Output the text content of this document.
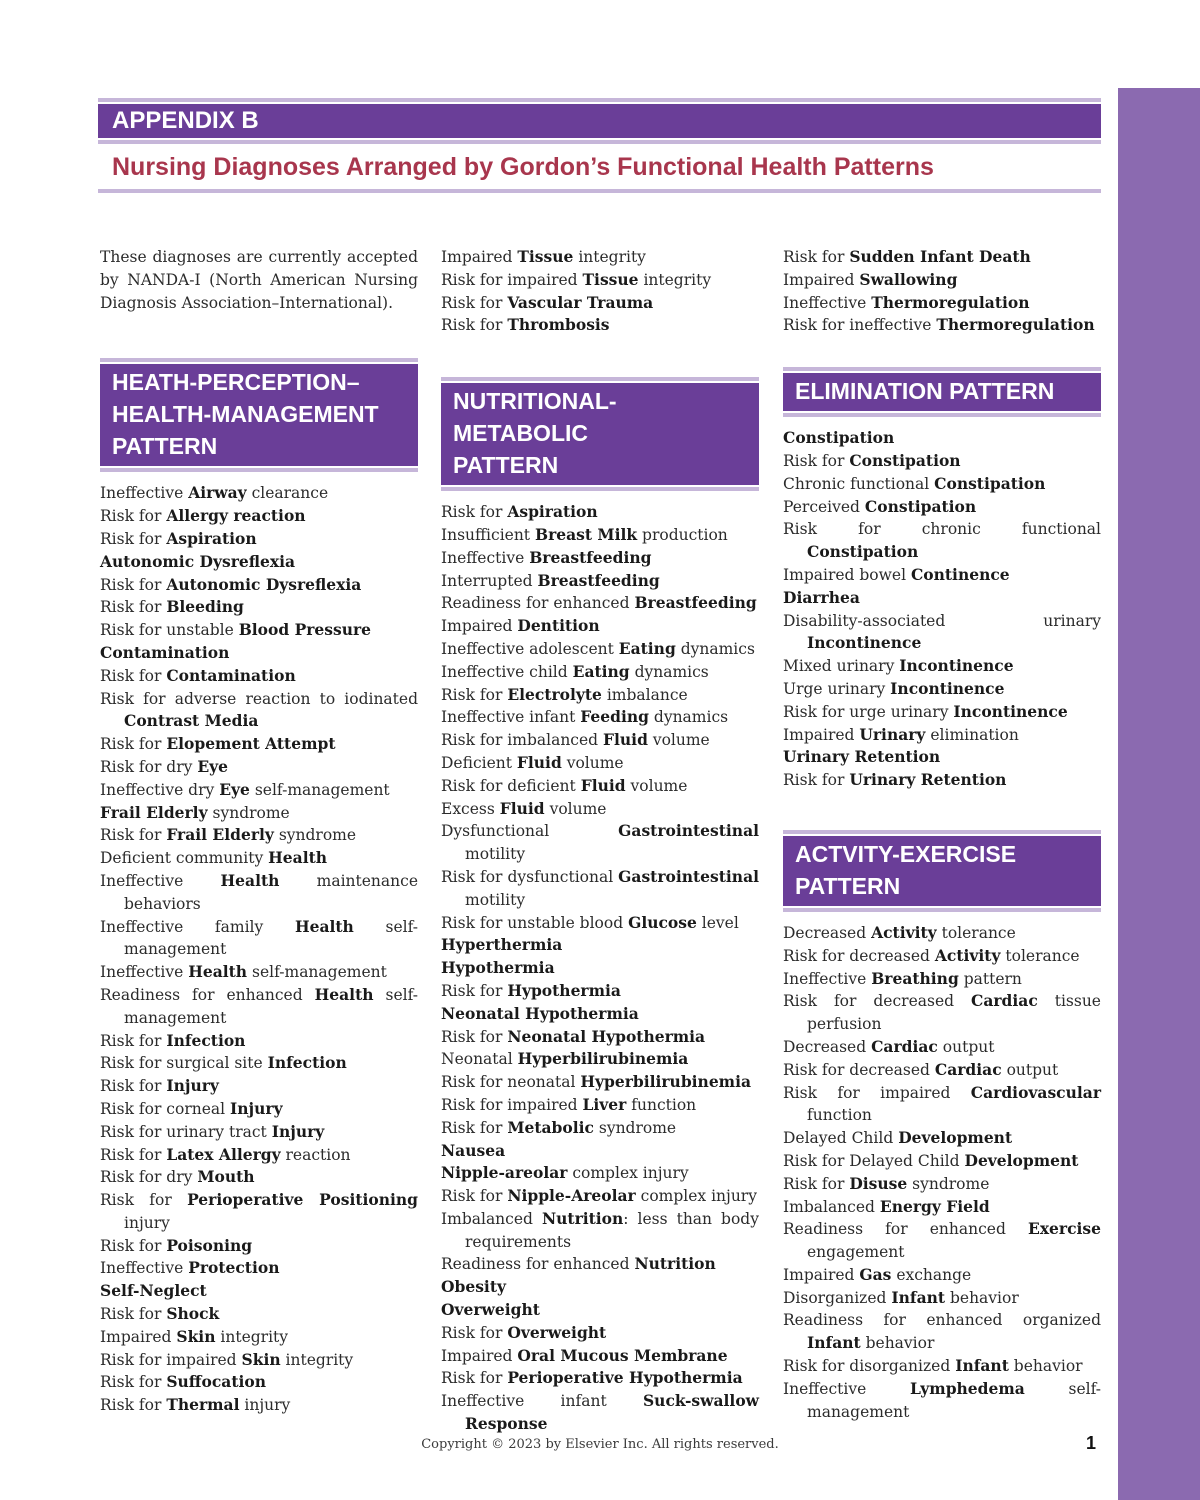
APPENDIX B
Nursing Diagnoses Arranged by Gordon’s Functional Health Patterns

These diagnoses are currently accepted by NANDA-I (North American Nursing Diagnosis Association–International).

HEATH-PERCEPTION–
HEALTH-MANAGEMENT
PATTERN

Ineffective Airway clearance

Risk for Allergy reaction

Risk for Aspiration

Autonomic Dysreflexia

Risk for Autonomic Dysreflexia

Risk for Bleeding

Risk for unstable Blood Pressure

Contamination

Risk for Contamination

Risk for adverse reaction to iodinated Contrast Media

Risk for Elopement Attempt

Risk for dry Eye

Ineffective dry Eye self-management

Frail Elderly syndrome

Risk for Frail Elderly syndrome

Deficient community Health

Ineffective Health maintenance behaviors

Ineffective family Health self-management

Ineffective Health self-management

Readiness for enhanced Health self-management

Risk for Infection

Risk for surgical site Infection

Risk for Injury

Risk for corneal Injury

Risk for urinary tract Injury

Risk for Latex Allergy reaction

Risk for dry Mouth

Risk for Perioperative Positioning injury

Risk for Poisoning

Ineffective Protection

Self-Neglect

Risk for Shock

Impaired Skin integrity

Risk for impaired Skin integrity

Risk for Suffocation

Risk for Thermal injury

Impaired Tissue integrity

Risk for impaired Tissue integrity

Risk for Vascular Trauma

Risk for Thrombosis

NUTRITIONAL-METABOLIC
PATTERN

Risk for Aspiration

Insufficient Breast Milk production

Ineffective Breastfeeding

Interrupted Breastfeeding

Readiness for enhanced Breastfeeding

Impaired Dentition

Ineffective adolescent Eating dynamics

Ineffective child Eating dynamics

Risk for Electrolyte imbalance

Ineffective infant Feeding dynamics

Risk for imbalanced Fluid volume

Deficient Fluid volume

Risk for deficient Fluid volume

Excess Fluid volume

Dysfunctional Gastrointestinal motility

Risk for dysfunctional Gastrointestinal motility

Risk for unstable blood Glucose level

Hyperthermia

Hypothermia

Risk for Hypothermia

Neonatal Hypothermia

Risk for Neonatal Hypothermia

Neonatal Hyperbilirubinemia

Risk for neonatal Hyperbilirubinemia

Risk for impaired Liver function

Risk for Metabolic syndrome

Nausea

Nipple-areolar complex injury

Risk for Nipple-Areolar complex injury

Imbalanced Nutrition: less than body requirements

Readiness for enhanced Nutrition

Obesity

Overweight

Risk for Overweight

Impaired Oral Mucous Membrane

Risk for Perioperative Hypothermia

Ineffective infant Suck-swallow Response

Risk for Sudden Infant Death

Impaired Swallowing

Ineffective Thermoregulation

Risk for ineffective Thermoregulation

ELIMINATION PATTERN

Constipation

Risk for Constipation

Chronic functional Constipation

Perceived Constipation

Risk for chronic functional Constipation

Impaired bowel Continence

Diarrhea

Disability-associated urinary Incontinence

Mixed urinary Incontinence

Urge urinary Incontinence

Risk for urge urinary Incontinence

Impaired Urinary elimination

Urinary Retention

Risk for Urinary Retention

ACTVITY-EXERCISE
PATTERN

Decreased Activity tolerance

Risk for decreased Activity tolerance

Ineffective Breathing pattern

Risk for decreased Cardiac tissue perfusion

Decreased Cardiac output

Risk for decreased Cardiac output

Risk for impaired Cardiovascular function

Delayed Child Development

Risk for Delayed Child Development

Risk for Disuse syndrome

Imbalanced Energy Field

Readiness for enhanced Exercise engagement

Impaired Gas exchange

Disorganized Infant behavior

Readiness for enhanced organized Infant behavior

Risk for disorganized Infant behavior

Ineffective Lymphedema self-management

Copyright © 2023 by Elsevier Inc. All rights reserved.	1
